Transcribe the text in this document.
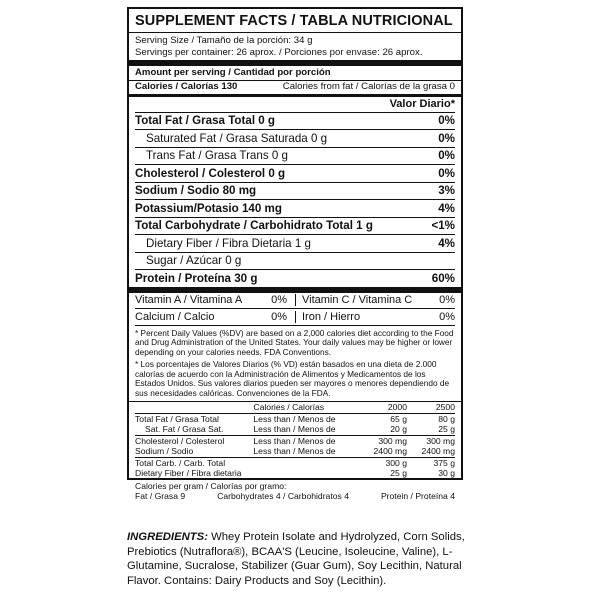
SUPPLEMENT FACTS / TABLA NUTRICIONAL
Serving Size / Tamaño de la porción: 34 g
Servings per container: 26 aprox. / Porciones por envase: 26 aprox.
Amount per serving / Cantidad por porción
Calories / Calorías 130	Calories from fat / Calorías de la grasa 0
Valor Diario*
Total Fat / Grasa Total 0 g	0%
Saturated Fat / Grasa Saturada 0 g	0%
Trans Fat / Grasa Trans 0 g	0%
Cholesterol / Colesterol 0 g	0%
Sodium / Sodio 80 mg	3%
Potassium/Potasio 140 mg	4%
Total Carbohydrate / Carbohidrato Total 1 g	<1%
Dietary Fiber / Fibra Dietaria 1 g	4%
Sugar / Azúcar 0 g
Protein / Proteína 30 g	60%
Vitamin A / Vitamina A	0% Vitamin C / Vitamina C 0%
Calcium / Calcio	0% Iron / Hierro	0%
* Percent Daily Values (%DV) are based on a 2,000 calories diet according to the Food and Drug Administration of the United States. Your daily values may be higher or lower depending on your calories needs. FDA Conventions.
* Los porcentajes de Valores Diarios (% VD) están basados en una dieta de 2.000 calorías de acuerdo con la Administración de Alimentos y Medicamentos de los Estados Unidos. Sus valores diarios pueden ser mayores o menores dependiendo de sus necesidades calóricas. Convenciones de la FDA.
	Calories / Calorías	2000	2500
Total Fat / Grasa Total	Less than / Menos de	65 g	80 g
Sat. Fat / Grasa Sat.	Less than / Menos de	20 g	25 g
Cholesterol / Colesterol	Less than / Menos de	300 mg	300 mg
Sodium / Sodio	Less than / Menos de	2400 mg	2400 mg
Total Carb. / Carb. Total		300 g	375 g
Dietary Fiber / Fibra dietaria		25 g	30 g
Calories per gram / Calorías por gramo:
Fat / Grasa 9	Carbohydrates 4 / Carbohidratos 4	Protein / Proteína 4
INGREDIENTS: Whey Protein Isolate and Hydrolyzed, Corn Solids, Prebiotics (Nutraflora®), BCAA'S (Leucine, Isoleucine, Valine), L-Glutamine, Sucralose, Stabilizer (Guar Gum), Soy Lecithin, Natural Flavor. Contains: Dairy Products and Soy (Lecithin).
